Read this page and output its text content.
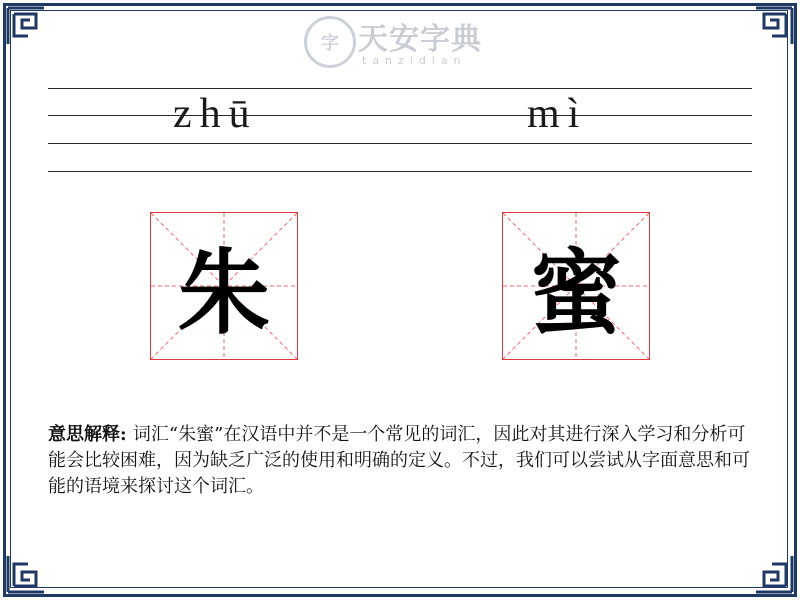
字 天安字典
tanzidian
zhū	mì
朱	蜜
意思解释: 词汇“朱蜜”在汉语中并不是一个常见的词汇，因此对其进行深入学习和分析可能会比较困难，因为缺乏广泛的使用和明确的定义。不过，我们可以尝试从字面意思和可能的语境来探讨这个词汇。
